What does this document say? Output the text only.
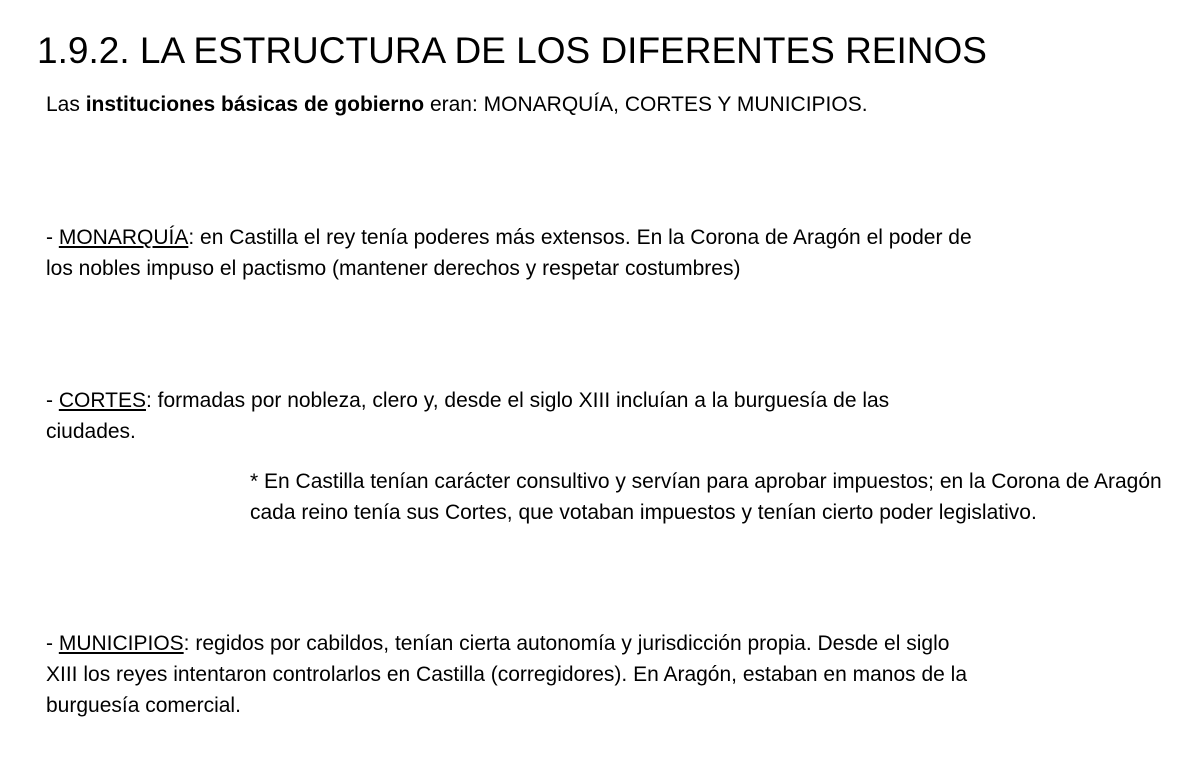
1.9.2. LA ESTRUCTURA DE LOS DIFERENTES REINOS

Las instituciones básicas de gobierno eran: MONARQUÍA, CORTES Y MUNICIPIOS.

- MONARQUÍA: en Castilla el rey tenía poderes más extensos. En la Corona de Aragón el poder de los nobles impuso el pactismo (mantener derechos y respetar costumbres)

- CORTES: formadas por nobleza, clero y, desde el siglo XIII incluían a la burguesía de las ciudades.

* En Castilla tenían carácter consultivo y servían para aprobar impuestos; en la Corona de Aragón cada reino tenía sus Cortes, que votaban impuestos y tenían cierto poder legislativo.

- MUNICIPIOS: regidos por cabildos, tenían cierta autonomía y jurisdicción propia. Desde el siglo XIII los reyes intentaron controlarlos en Castilla (corregidores). En Aragón, estaban en manos de la burguesía comercial.
